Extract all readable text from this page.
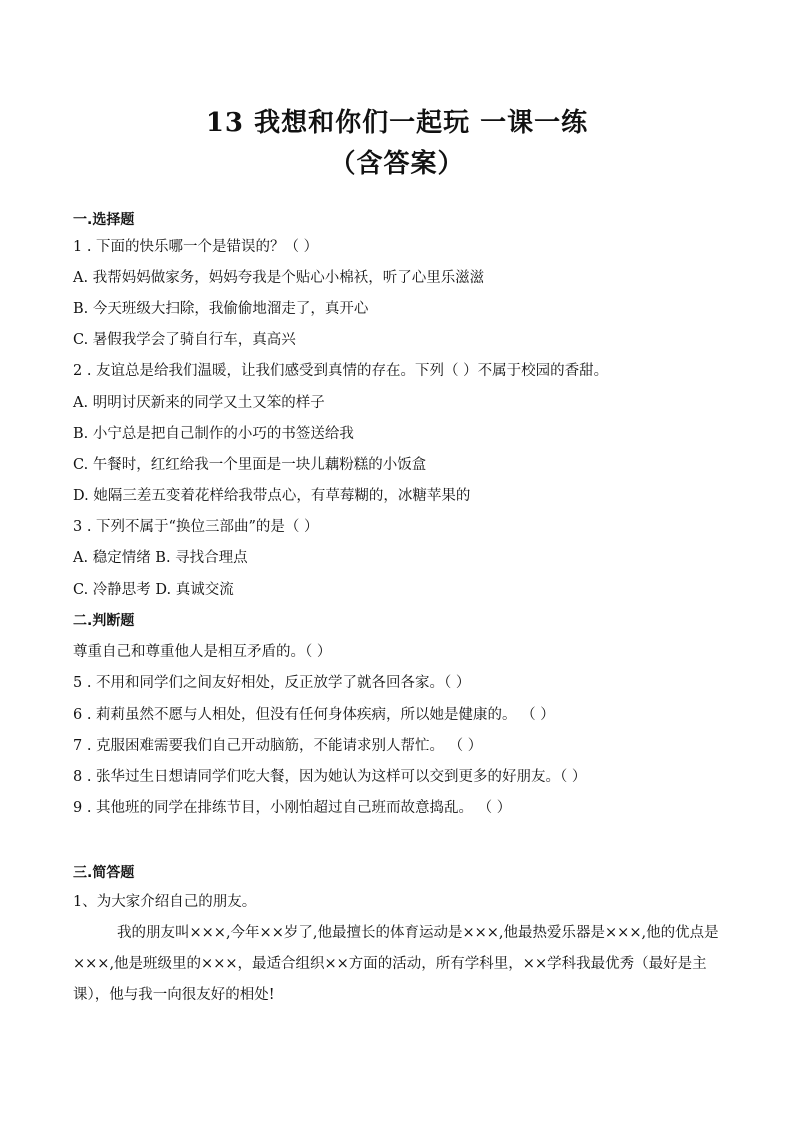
13 我想和你们一起玩 一课一练
（含答案）
一.选择题
1 . 下面的快乐哪一个是错误的？（ ）
A. 我帮妈妈做家务，妈妈夸我是个贴心小棉袄，听了心里乐滋滋
B. 今天班级大扫除，我偷偷地溜走了，真开心
C. 暑假我学会了骑自行车，真高兴
2 . 友谊总是给我们温暖，让我们感受到真情的存在。下列（ ）不属于校园的香甜。
A. 明明讨厌新来的同学又土又笨的样子
B. 小宁总是把自己制作的小巧的书签送给我
C. 午餐时，红红给我一个里面是一块儿藕粉糕的小饭盒
D. 她隔三差五变着花样给我带点心，有草莓糊的，冰糖苹果的
3 . 下列不属于“换位三部曲”的是（ ）
A. 稳定情绪 B. 寻找合理点
C. 冷静思考 D. 真诚交流
二.判断题
尊重自己和尊重他人是相互矛盾的。（ ）
5 . 不用和同学们之间友好相处，反正放学了就各回各家。（ ）
6 . 莉莉虽然不愿与人相处，但没有任何身体疾病，所以她是健康的。 （ ）
7 . 克服困难需要我们自己开动脑筋，不能请求别人帮忙。 （ ）
8 . 张华过生日想请同学们吃大餐，因为她认为这样可以交到更多的好朋友。（ ）
9 . 其他班的同学在排练节目，小刚怕超过自己班而故意捣乱。 （ ）
三.简答题
1、为大家介绍自己的朋友。
我的朋友叫×××,今年××岁了,他最擅长的体育运动是×××,他最热爱乐器是×××,他的优点是×××,他是班级里的×××，最适合组织××方面的活动，所有学科里，××学科我最优秀（最好是主课），他与我一向很友好的相处!
